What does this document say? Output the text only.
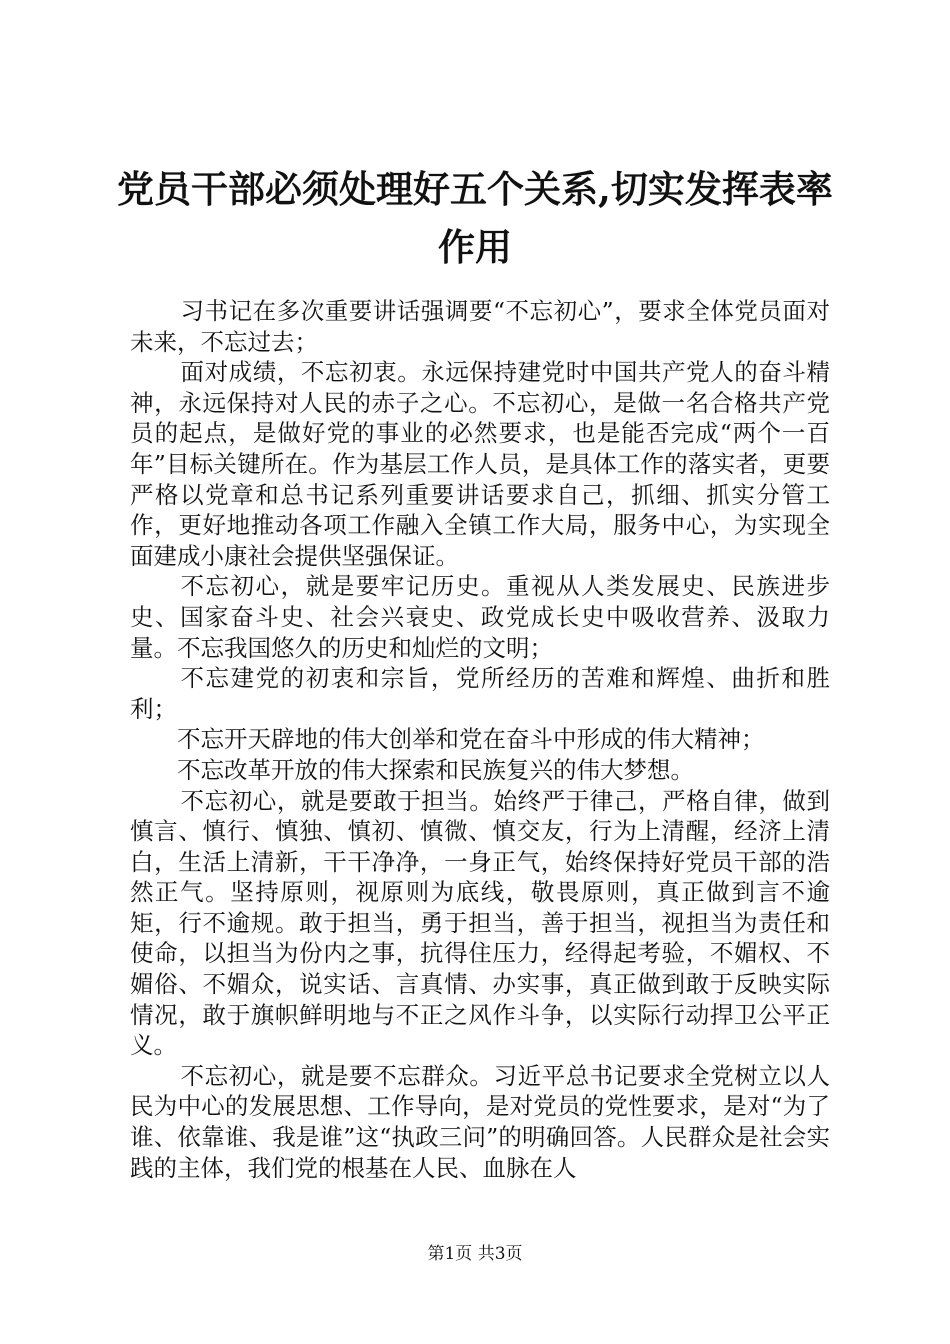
党员干部必须处理好五个关系,切实发挥表率
作用

习书记在多次重要讲话强调要“不忘初心”，要求全体党员面对未来，不忘过去；

面对成绩，不忘初衷。永远保持建党时中国共产党人的奋斗精神，永远保持对人民的赤子之心。不忘初心，是做一名合格共产党员的起点，是做好党的事业的必然要求，也是能否完成“两个一百年”目标关键所在。作为基层工作人员，是具体工作的落实者，更要严格以党章和总书记系列重要讲话要求自己，抓细、抓实分管工作，更好地推动各项工作融入全镇工作大局，服务中心，为实现全面建成小康社会提供坚强保证。

不忘初心，就是要牢记历史。重视从人类发展史、民族进步史、国家奋斗史、社会兴衰史、政党成长史中吸收营养、汲取力量。不忘我国悠久的历史和灿烂的文明；

不忘建党的初衷和宗旨，党所经历的苦难和辉煌、曲折和胜利；

不忘开天辟地的伟大创举和党在奋斗中形成的伟大精神；

不忘改革开放的伟大探索和民族复兴的伟大梦想。

不忘初心，就是要敢于担当。始终严于律己，严格自律，做到慎言、慎行、慎独、慎初、慎微、慎交友，行为上清醒，经济上清白，生活上清新，干干净净，一身正气，始终保持好党员干部的浩然正气。坚持原则，视原则为底线，敬畏原则，真正做到言不逾矩，行不逾规。敢于担当，勇于担当，善于担当，视担当为责任和使命，以担当为份内之事，抗得住压力，经得起考验，不媚权、不媚俗、不媚众，说实话、言真情、办实事，真正做到敢于反映实际情况，敢于旗帜鲜明地与不正之风作斗争，以实际行动捍卫公平正义。

不忘初心，就是要不忘群众。习近平总书记要求全党树立以人民为中心的发展思想、工作导向，是对党员的党性要求，是对“为了谁、依靠谁、我是谁”这“执政三问”的明确回答。人民群众是社会实践的主体，我们党的根基在人民、血脉在人

第1页 共3页
